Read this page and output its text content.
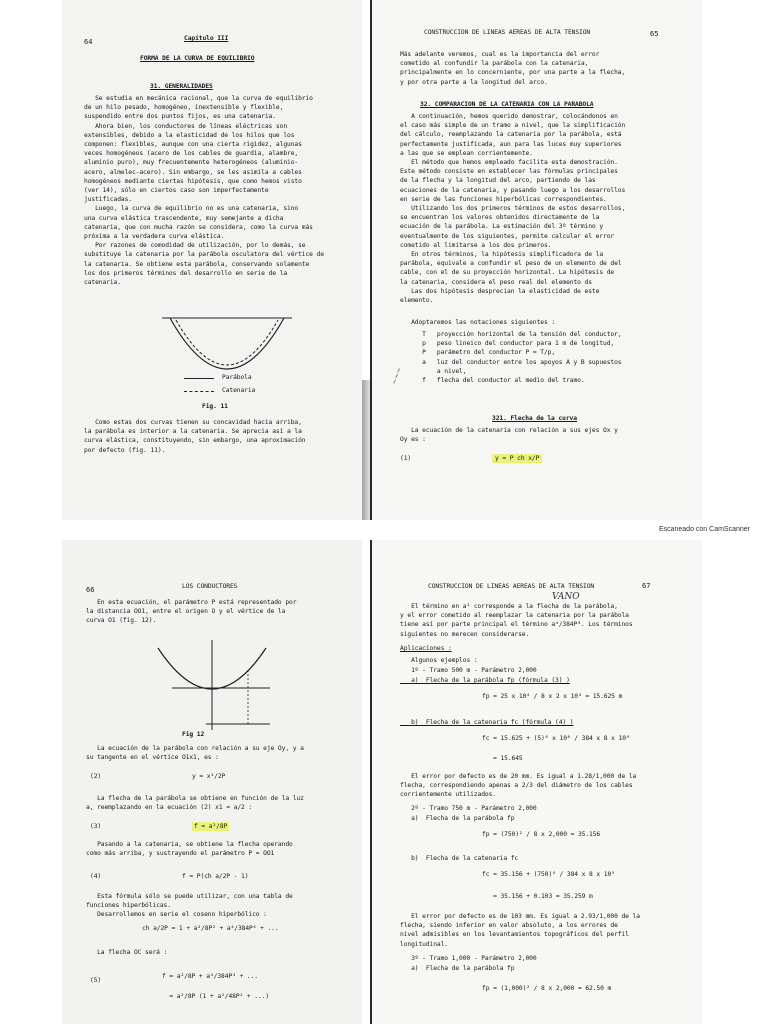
Escaneado con CamScanner
64	Capítulo III
FORMA DE LA CURVA DE EQUILIBRIO
31. GENERALIDADES
Se estudia en mecánica racional, que la curva de equilibrio
de un hilo pesado, homogéneo, inextensible y flexible,
suspendido entre dos puntos fijos, es una catenaria.
Ahora bien, los conductores de líneas eléctricas son
extensibles, debido a la elasticidad de los hilos que los
componen: flexibles, aunque con una cierta rigidez, algunas
veces homogéneos (acero de los cables de guardia, alambre,
aluminio puro), muy frecuentemente heterogéneos (aluminio-
acero, almelec-acero). Sin embargo, se les asimila a cables
homogéneos mediante ciertas hipótesis, que como hemos visto
(ver 14), sólo en ciertos caso son imperfectamente
justificadas.
Luego, la curva de equilibrio no es una catenaria, sino
una curva elástica trascendente, muy semejante a dicha
catenaria, que con mucha razón se considera, como la curva más
próxima a la verdadera curva elástica.
Por razones de comodidad de utilización, por lo demás, se
substituye la catenaria por la parábola osculatora del vértice de
la catenaria. Se obtiene esta parábola, conservando solamente
los dos primeros términos del desarrollo en serie de la
catenaria.
Parábola
Catenaria
Fig. 11
Como estas dos curvas tienen su concavidad hacia arriba,
la parábola es interior a la catenaria. Se aprecia así a la
curva elástica, constituyendo, sin embargo, una aproximación
por defecto (fig. 11).
CONSTRUCCION DE LINEAS AEREAS DE ALTA TENSION	65
Más adelante veremos, cual es la importancia del error
cometido al confundir la parábola con la catenaria,
principalmente en lo concerniente, por una parte a la flecha,
y por otra parte a la longitud del arco.
32. COMPARACION DE LA CATENARIA CON LA PARABOLA
A continuación, hemos querido demostrar, colocándonos en
el caso más simple de un tramo a nivel, que la simplificación
del cálculo, reemplazando la catenaria por la parábola, está
perfectamente justificada, aun para las luces muy superiores
a las que se emplean corrientemente.
El método que hemos empleado facilita esta demostración.
Este método consiste en establecer las fórmulas principales
de la flecha y la longitud del arco, partiendo de las
ecuaciones de la catenaria, y pasando luego a los desarrollos
en serie de las funciones hiperbólicas correspondientes.
Utilizando los dos primeros términos de estos desarrollos,
se encuentran los valores obtenidos directamente de la
ecuación de la parábola. La estimación del 3º término y
eventualmente de los siguientes, permite calcular el error
cometido al limitarse a los dos primeros.
En otros términos, la hipótesis simplificadora de la
parábola, equivale a confundir el peso de un elemento de del
cable, con el de su proyección horizontal. La hipótesis de
la catenaria, considera el peso real del elemento ds
Las dos hipótesis desprecian la elasticidad de este
elemento.
Adoptaremos las notaciones siguientes :
T   proyección horizontal de la tensión del conductor,
p   peso lineico del conductor para 1 m de longitud,
P   parámetro del conductor P = T/p,
a   luz del conductor entre los apoyos A y B supuestos
a nivel,
f   flecha del conductor al medio del tramo.
~~~
321. Flecha de la curva
La ecuación de la catenaria con relación a sus ejes Ox y
Oy es :
(1)	y = P ch x/P
66	LOS CONDUCTORES
En esta ecuación, el parámetro P está representado por
la distancia OO1, entre el origen O y el vértice de la
curva O1 (fig. 12).
Fig 12
La ecuación de la parábola con relación a su eje Oy, y a
su tangente en el vértice O1x1, es :
(2)	y = x²/2P
La flecha de la parábola se obtiene en función de la luz
a, reemplazando en la ecuación (2) x1 = a/2 :
(3)	f = a²/8P
Pasando a la catenaria, se obtiene la flecha operando
como más arriba, y sustrayendo el parámetro P = OO1
(4)	f = P(ch a/2P - 1)
Esta fórmula sólo se puede utilizar, con una tabla de
funciones hiperbólicas.
Desarrollemos en serie el coseno hiperbólico :
ch a/2P = 1 + a²/8P² + a⁴/384P⁴ + ...
La flecha OC será :
(5)
f = a²/8P + a⁴/384P³ + ...
= a²/8P (1 + a²/48P² + ...)
CONSTRUCCION DE LINEAS AEREAS DE ALTA TENSION	67
VANO
El término en a² corresponde a la flecha de la parábola,
y el error cometido al reemplazar la catenaria por la parábola
tiene así por parte principal el término a⁴/384P³. Los términos
siguientes no merecen considerarse.
Aplicaciones :
Algunos ejemplos :
1º - Tramo 500 m - Parámetro 2,000
a)  Flecha de la parábola fp (fórmula (3) )
fp = 25 x 10⁴ / 8 x 2 x 10³ = 15.625 m
b)  Flecha de la catenaria fc (fórmula (4) )
fc = 15.625 + (5)⁴ x 10⁸ / 384 x 8 x 10⁹
= 15.645
El error por defecto es de 20 mm. Es igual a 1.28/1,000 de la
flecha, correspondiendo apenas a 2/3 del diámetro de los cables
corrientemente utilizados.
2º - Tramo 750 m - Parámetro 2,000
a)  Flecha de la parábola fp
fp = (750)² / 8 x 2,000 = 35.156
b)  Flecha de la catenaria fc
fc = 35.156 + (750)⁴ / 384 x 8 x 10⁹
= 35.156 + 0.103 = 35.259 m
El error por defecto es de 103 mm. Es igual a 2.93/1,000 de la
flecha, siendo inferior en valor absoluto, a los errores de
nivel admisibles en los levantamientos topográficos del perfil
longitudinal.
3º - Tramo 1,000 - Parámetro 2,000
a)  Flecha de la parábola fp
fp = (1,000)² / 8 x 2,000 = 62.50 m
